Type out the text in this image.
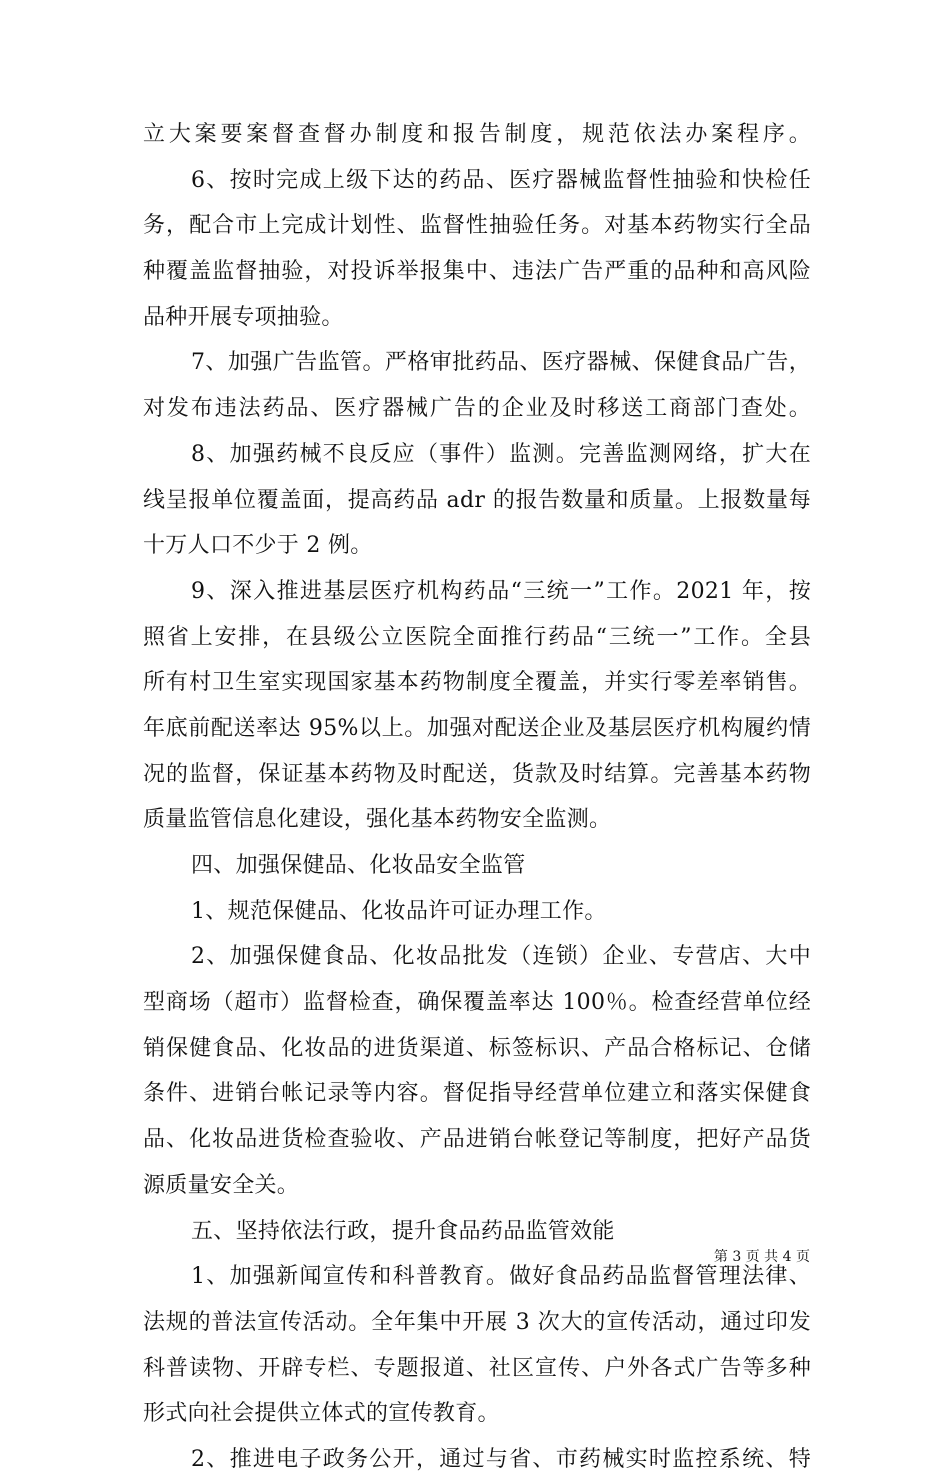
立大案要案督查督办制度和报告制度，规范依法办案程序。
6、按时完成上级下达的药品、医疗器械监督性抽验和快检任
务，配合市上完成计划性、监督性抽验任务。对基本药物实行全品
种覆盖监督抽验，对投诉举报集中、违法广告严重的品种和高风险
品种开展专项抽验。
7、加强广告监管。严格审批药品、医疗器械、保健食品广告，
对发布违法药品、医疗器械广告的企业及时移送工商部门查处。
8、加强药械不良反应（事件）监测。完善监测网络，扩大在
线呈报单位覆盖面，提高药品 adr 的报告数量和质量。上报数量每
十万人口不少于 2 例。
9、深入推进基层医疗机构药品“三统一”工作。2021 年，按
照省上安排，在县级公立医院全面推行药品“三统一”工作。全县
所有村卫生室实现国家基本药物制度全覆盖，并实行零差率销售。
年底前配送率达 95%以上。加强对配送企业及基层医疗机构履约情
况的监督，保证基本药物及时配送，货款及时结算。完善基本药物
质量监管信息化建设，强化基本药物安全监测。
四、加强保健品、化妆品安全监管
1、规范保健品、化妆品许可证办理工作。
2、加强保健食品、化妆品批发（连锁）企业、专营店、大中
型商场（超市）监督检查，确保覆盖率达 100％。检查经营单位经
销保健食品、化妆品的进货渠道、标签标识、产品合格标记、仓储
条件、进销台帐记录等内容。督促指导经营单位建立和落实保健食
品、化妆品进货检查验收、产品进销台帐登记等制度，把好产品货
源质量安全关。
五、坚持依法行政，提升食品药品监管效能
1、加强新闻宣传和科普教育。做好食品药品监督管理法律、
法规的普法宣传活动。全年集中开展 3 次大的宣传活动，通过印发
科普读物、开辟专栏、专题报道、社区宣传、户外各式广告等多种
形式向社会提供立体式的宣传教育。
2、推进电子政务公开，通过与省、市药械实时监控系统、特
第 3 页 共 4 页
